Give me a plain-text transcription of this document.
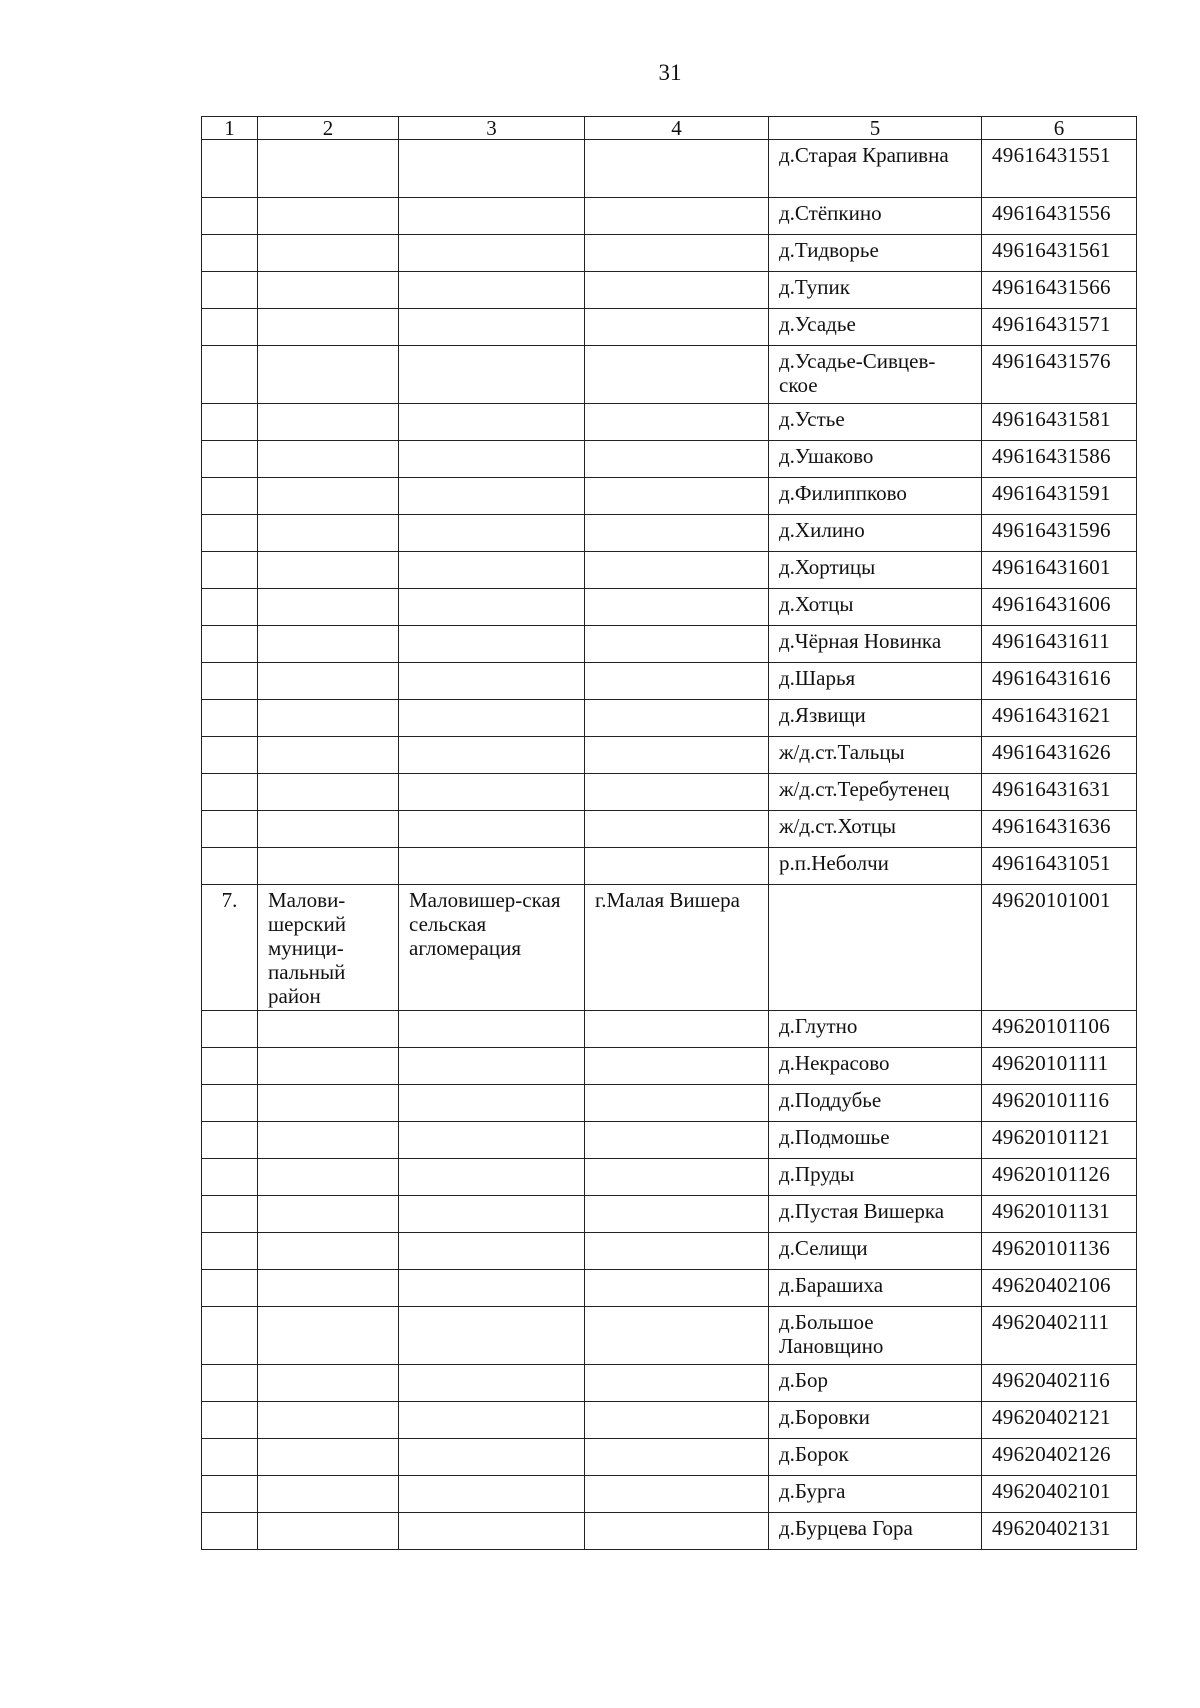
31
1	2	3	4	5	6
				д.Старая Крапивна	49616431551
				д.Стёпкино	49616431556
				д.Тидворье	49616431561
				д.Тупик	49616431566
				д.Усадье	49616431571
				д.Усадье-Сивцев-ское	49616431576
				д.Устье	49616431581
				д.Ушаково	49616431586
				д.Филиппково	49616431591
				д.Хилино	49616431596
				д.Хортицы	49616431601
				д.Хотцы	49616431606
				д.Чёрная Новинка	49616431611
				д.Шарья	49616431616
				д.Язвищи	49616431621
				ж/д.ст.Тальцы	49616431626
				ж/д.ст.Теребутенец	49616431631
				ж/д.ст.Хотцы	49616431636
				р.п.Неболчи	49616431051
7.	Малови-шерский муници-пальный район	Маловишер-ская сельская агломерация	г.Малая Вишера		49620101001
				д.Глутно	49620101106
				д.Некрасово	49620101111
				д.Поддубье	49620101116
				д.Подмошье	49620101121
				д.Пруды	49620101126
				д.Пустая Вишерка	49620101131
				д.Селищи	49620101136
				д.Барашиха	49620402106
				д.Большое Лановщино	49620402111
				д.Бор	49620402116
				д.Боровки	49620402121
				д.Борок	49620402126
				д.Бурга	49620402101
				д.Бурцева Гора	49620402131
